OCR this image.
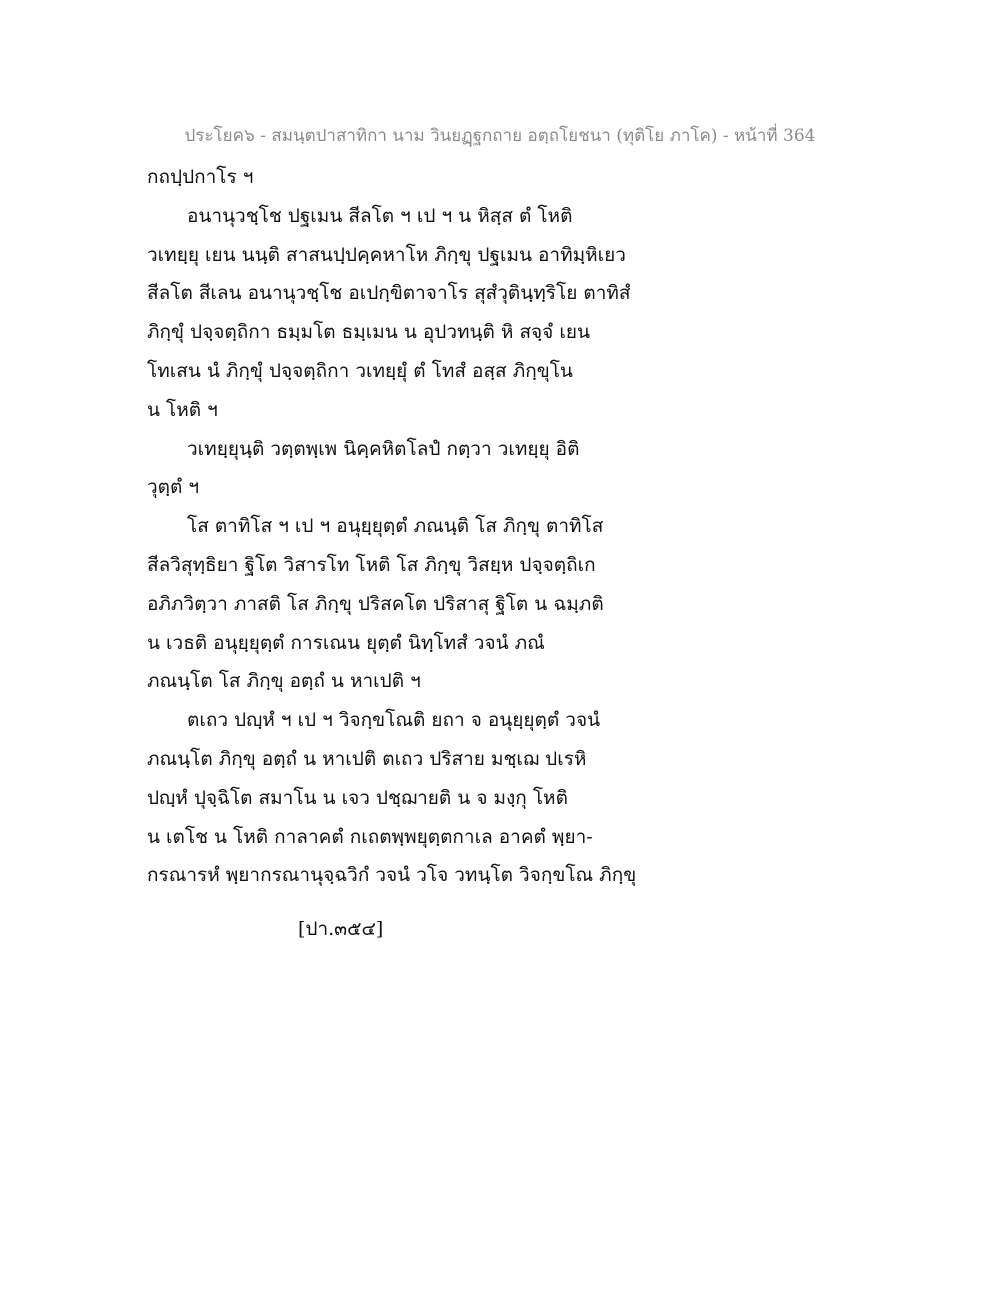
ประโยค๖ - สมนฺตปาสาทิกา นาม วินยฏฺฐกถาย อตฺถโยชนา (ทุติโย ภาโค) - หน้าที่ 364
กถปฺปกาโร ฯ
อนานุวชฺโช ปฐเมน สีลโต ฯ เป ฯ น หิสฺส ตํ โหติ
วเทยฺยุ เยน นนฺติ สาสนปฺปคฺคหาโห ภิกฺขุ ปฐเมน อาทิมฺหิเยว
สีลโต สีเลน อนานุวชฺโช อเปกฺขิตาจาโร สุสํวุตินฺทฺริโย ตาทิสํ
ภิกฺขุํ ปจฺจตฺถิกา ธมฺมโต ธมฺเมน น อุปวทนฺติ หิ สจฺจํ เยน
โทเสน นํ ภิกฺขุํ ปจฺจตฺถิกา วเทยฺยุํ ตํ โทสํ อสฺส ภิกฺขุโน
น โหติ ฯ
วเทยฺยุนฺติ วตฺตพฺเพ นิคฺคหิตโลปํ กตฺวา วเทยฺยุ อิติ
วุตฺตํ ฯ
โส ตาทิโส ฯ เป ฯ อนุยฺยุตฺตํ ภณนฺติ โส ภิกฺขุ ตาทิโส
สีลวิสุทฺธิยา ฐิโต วิสารโท โหติ โส ภิกฺขุ วิสยฺห ปจฺจตฺถิเก
อภิภวิตฺวา ภาสติ โส ภิกฺขุ ปริสคโต ปริสาสุ ฐิโต น ฉมฺภติ
น เวธติ อนุยฺยุตฺตํ การเณน ยุตฺตํ นิทฺโทสํ วจนํ ภณํ
ภณนฺโต โส ภิกฺขุ อตฺถํ น หาเปติ ฯ
ตเถว ปญฺหํ ฯ เป ฯ วิจกฺขโณติ ยถา จ อนุยฺยุตฺตํ วจนํ
ภณนฺโต ภิกฺขุ อตฺถํ น หาเปติ ตเถว ปริสาย มชฺเฌ ปเรหิ
ปญฺหํ ปุจฺฉิโต สมาโน น เจว ปชฺฌายติ น จ มงฺกุ โหติ
น เตโช น โหติ กาลาคตํ กเถตพฺพยุตฺตกาเล อาคตํ พฺยา-
กรณารหํ พฺยากรณานุจฺฉวิกํ วจนํ วโจ วทนฺโต วิจกฺขโณ ภิกฺขุ
[ปา.๓๕๔]
